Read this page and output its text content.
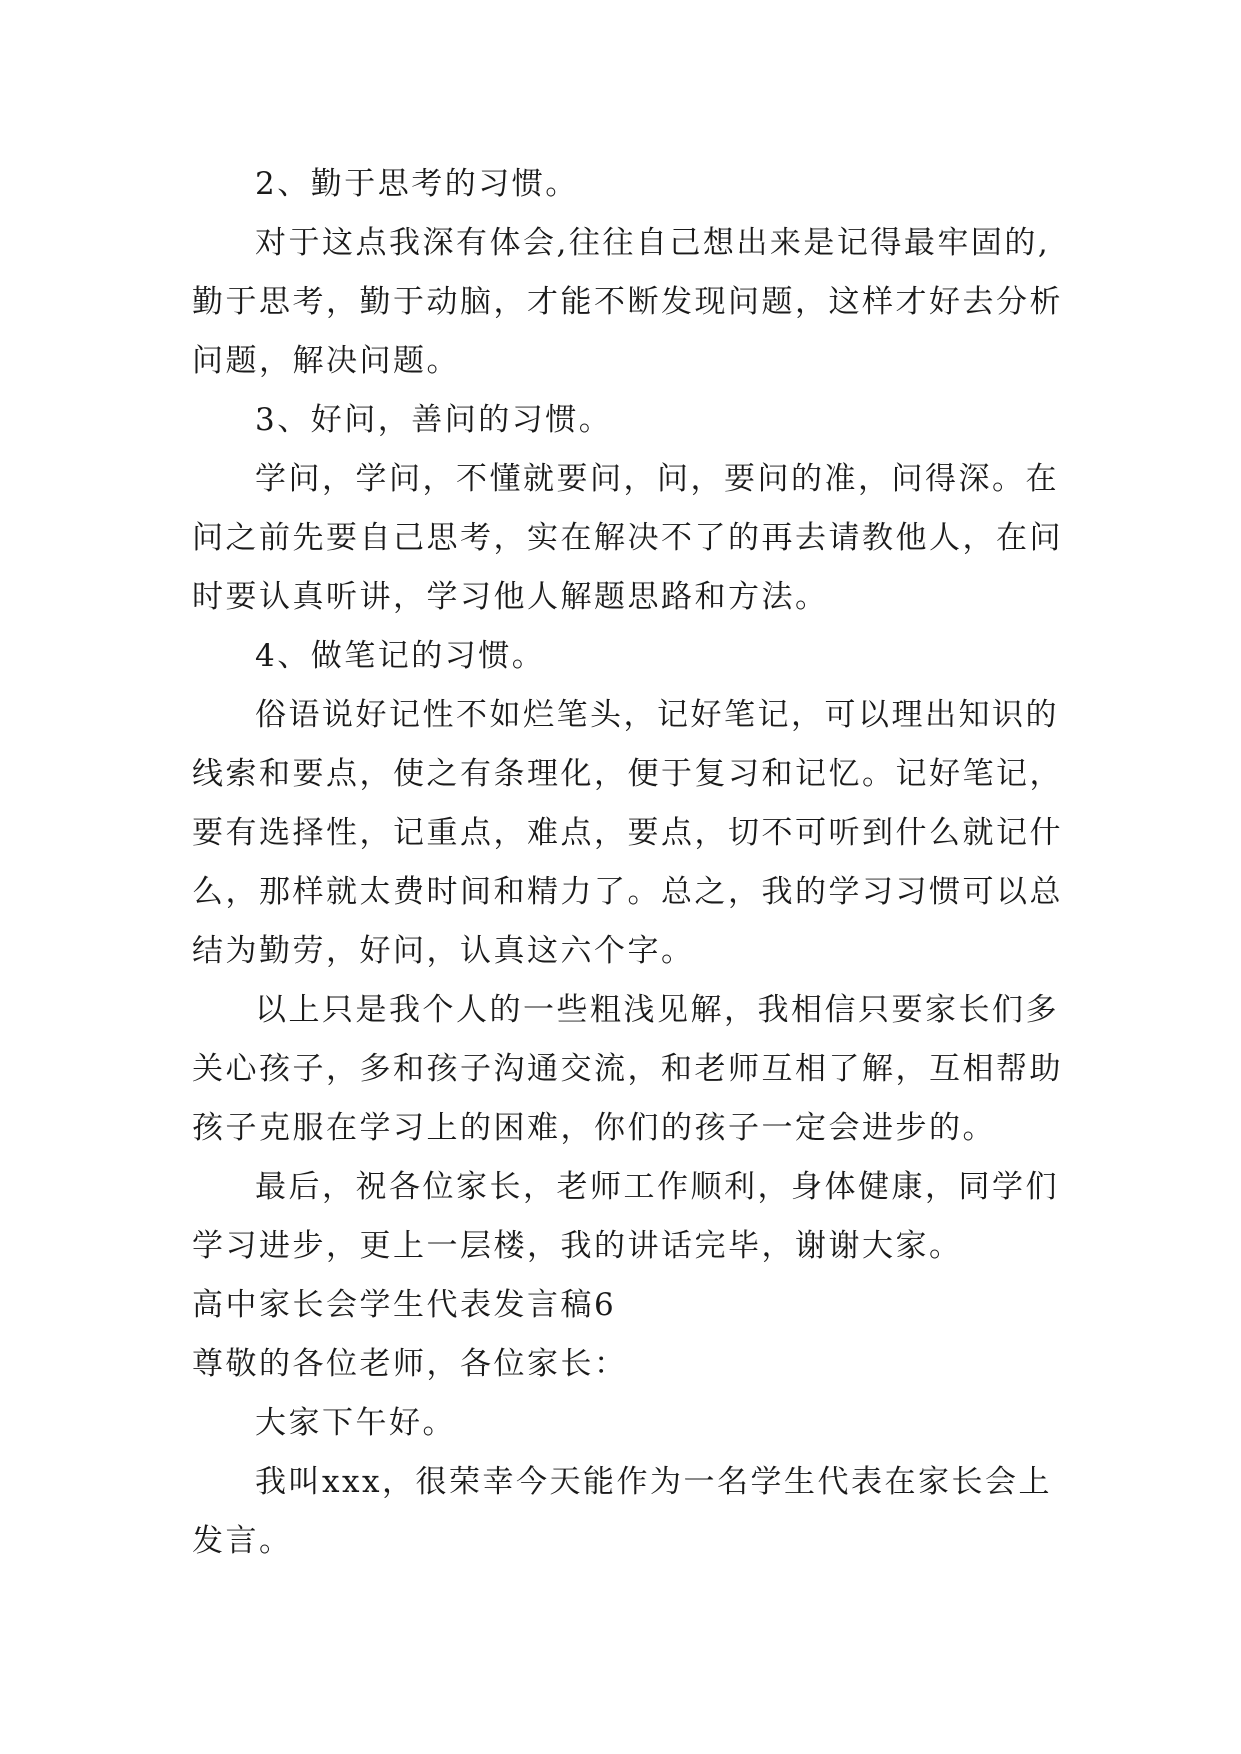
2、勤于思考的习惯。

对于这点我深有体会,往往自己想出来是记得最牢固的,
勤于思考，勤于动脑，才能不断发现问题，这样才好去分析
问题，解决问题。

3、好问，善问的习惯。

学问，学问，不懂就要问，问，要问的准，问得深。在
问之前先要自己思考，实在解决不了的再去请教他人，在问
时要认真听讲，学习他人解题思路和方法。

4、做笔记的习惯。

俗语说好记性不如烂笔头，记好笔记，可以理出知识的
线索和要点，使之有条理化，便于复习和记忆。记好笔记，
要有选择性，记重点，难点，要点，切不可听到什么就记什
么，那样就太费时间和精力了。总之，我的学习习惯可以总
结为勤劳，好问，认真这六个字。

以上只是我个人的一些粗浅见解，我相信只要家长们多
关心孩子，多和孩子沟通交流，和老师互相了解，互相帮助
孩子克服在学习上的困难，你们的孩子一定会进步的。

最后，祝各位家长，老师工作顺利，身体健康，同学们
学习进步，更上一层楼，我的讲话完毕，谢谢大家。

高中家长会学生代表发言稿6

尊敬的各位老师，各位家长：

大家下午好。

我叫xxx，很荣幸今天能作为一名学生代表在家长会上
发言。
